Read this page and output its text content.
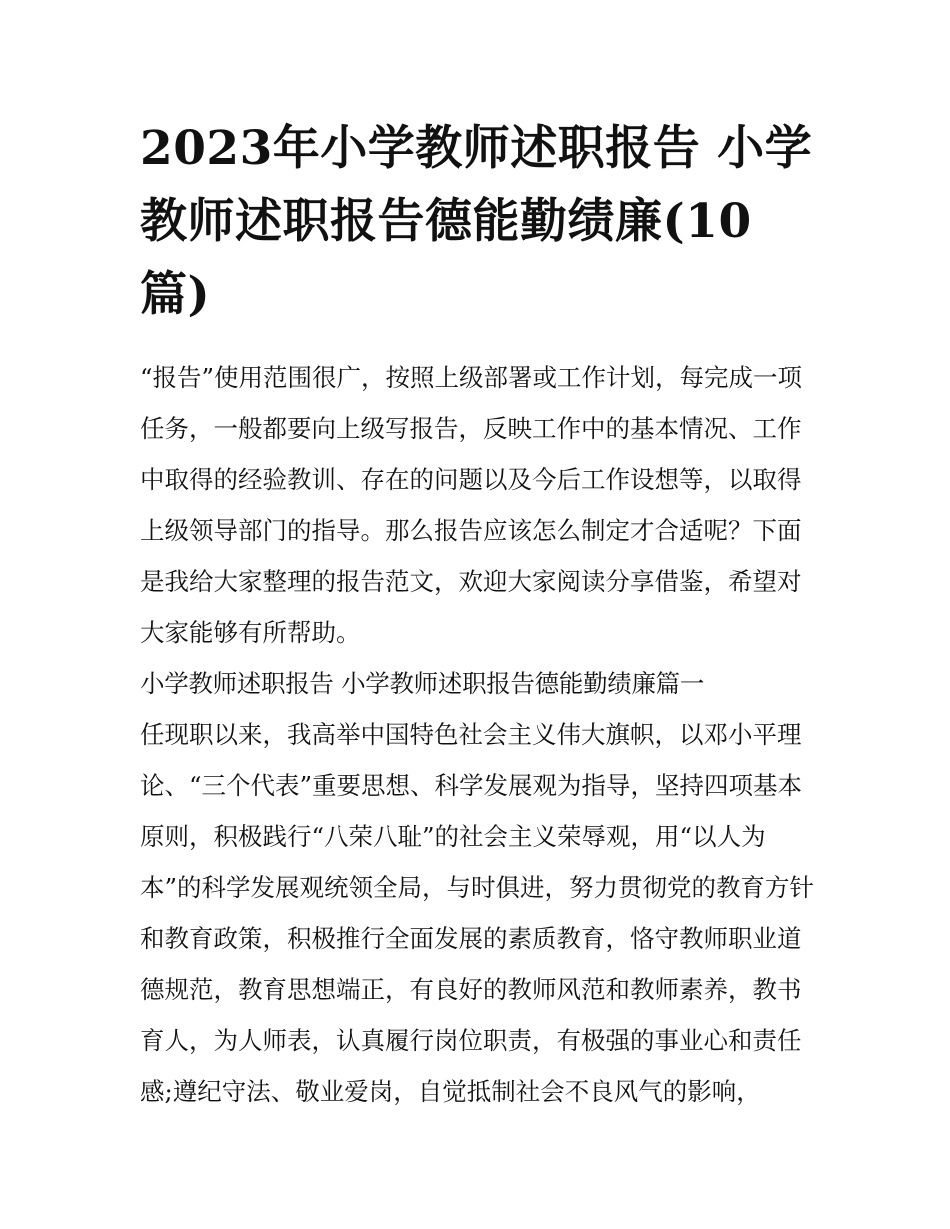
2023年小学教师述职报告 小学教师述职报告德能勤绩廉(10篇)

“报告”使用范围很广，按照上级部署或工作计划，每完成一项任务，一般都要向上级写报告，反映工作中的基本情况、工作中取得的经验教训、存在的问题以及今后工作设想等，以取得上级领导部门的指导。那么报告应该怎么制定才合适呢？下面是我给大家整理的报告范文，欢迎大家阅读分享借鉴，希望对大家能够有所帮助。

小学教师述职报告 小学教师述职报告德能勤绩廉篇一

任现职以来，我高举中国特色社会主义伟大旗帜，以邓小平理论、“三个代表”重要思想、科学发展观为指导，坚持四项基本原则，积极践行“八荣八耻”的社会主义荣辱观，用“以人为本”的科学发展观统领全局，与时俱进，努力贯彻党的教育方针和教育政策，积极推行全面发展的素质教育，恪守教师职业道德规范，教育思想端正，有良好的教师风范和教师素养，教书育人，为人师表，认真履行岗位职责，有极强的事业心和责任感;遵纪守法、敬业爱岗，自觉抵制社会不良风气的影响，
